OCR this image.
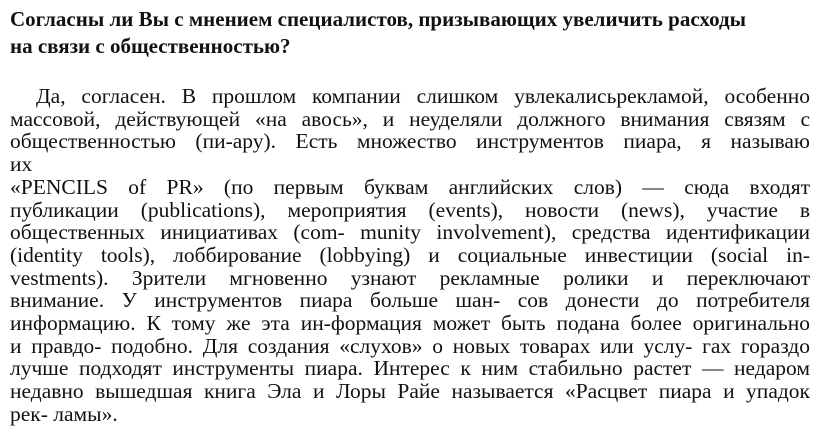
Согласны ли Вы с мнением специалистов, призывающих увеличить расходы
на связи с общественностью?
Да, согласен. В прошлом компании слишком увлекалисьрекламой, особенно
массовой, действующей «на авось», и неуделяли должного внимания связям с
общественностью (пи-ару). Есть множество инструментов пиара, я называю
их
«PENCILS of PR» (по первым буквам английских слов) — сюда входят
публикации (publications), мероприятия (events), новости (news), участие в
общественных инициативах (com- munity involvement), средства идентификации
(identity tools), лоббирование (lobbying) и социальные инвестиции (social in-
vestments). Зрители мгновенно узнают рекламные ролики и переключают
внимание. У инструментов пиара больше шан- сов донести до потребителя
информацию. К тому же эта ин-формация может быть подана более оригинально
и правдо- подобно. Для создания «слухов» о новых товарах или услу- гах гораздо
лучше подходят инструменты пиара. Интерес к ним стабильно растет — недаром
недавно вышедшая книга Эла и Лоры Райе называется «Расцвет пиара и упадок
рек- ламы».
